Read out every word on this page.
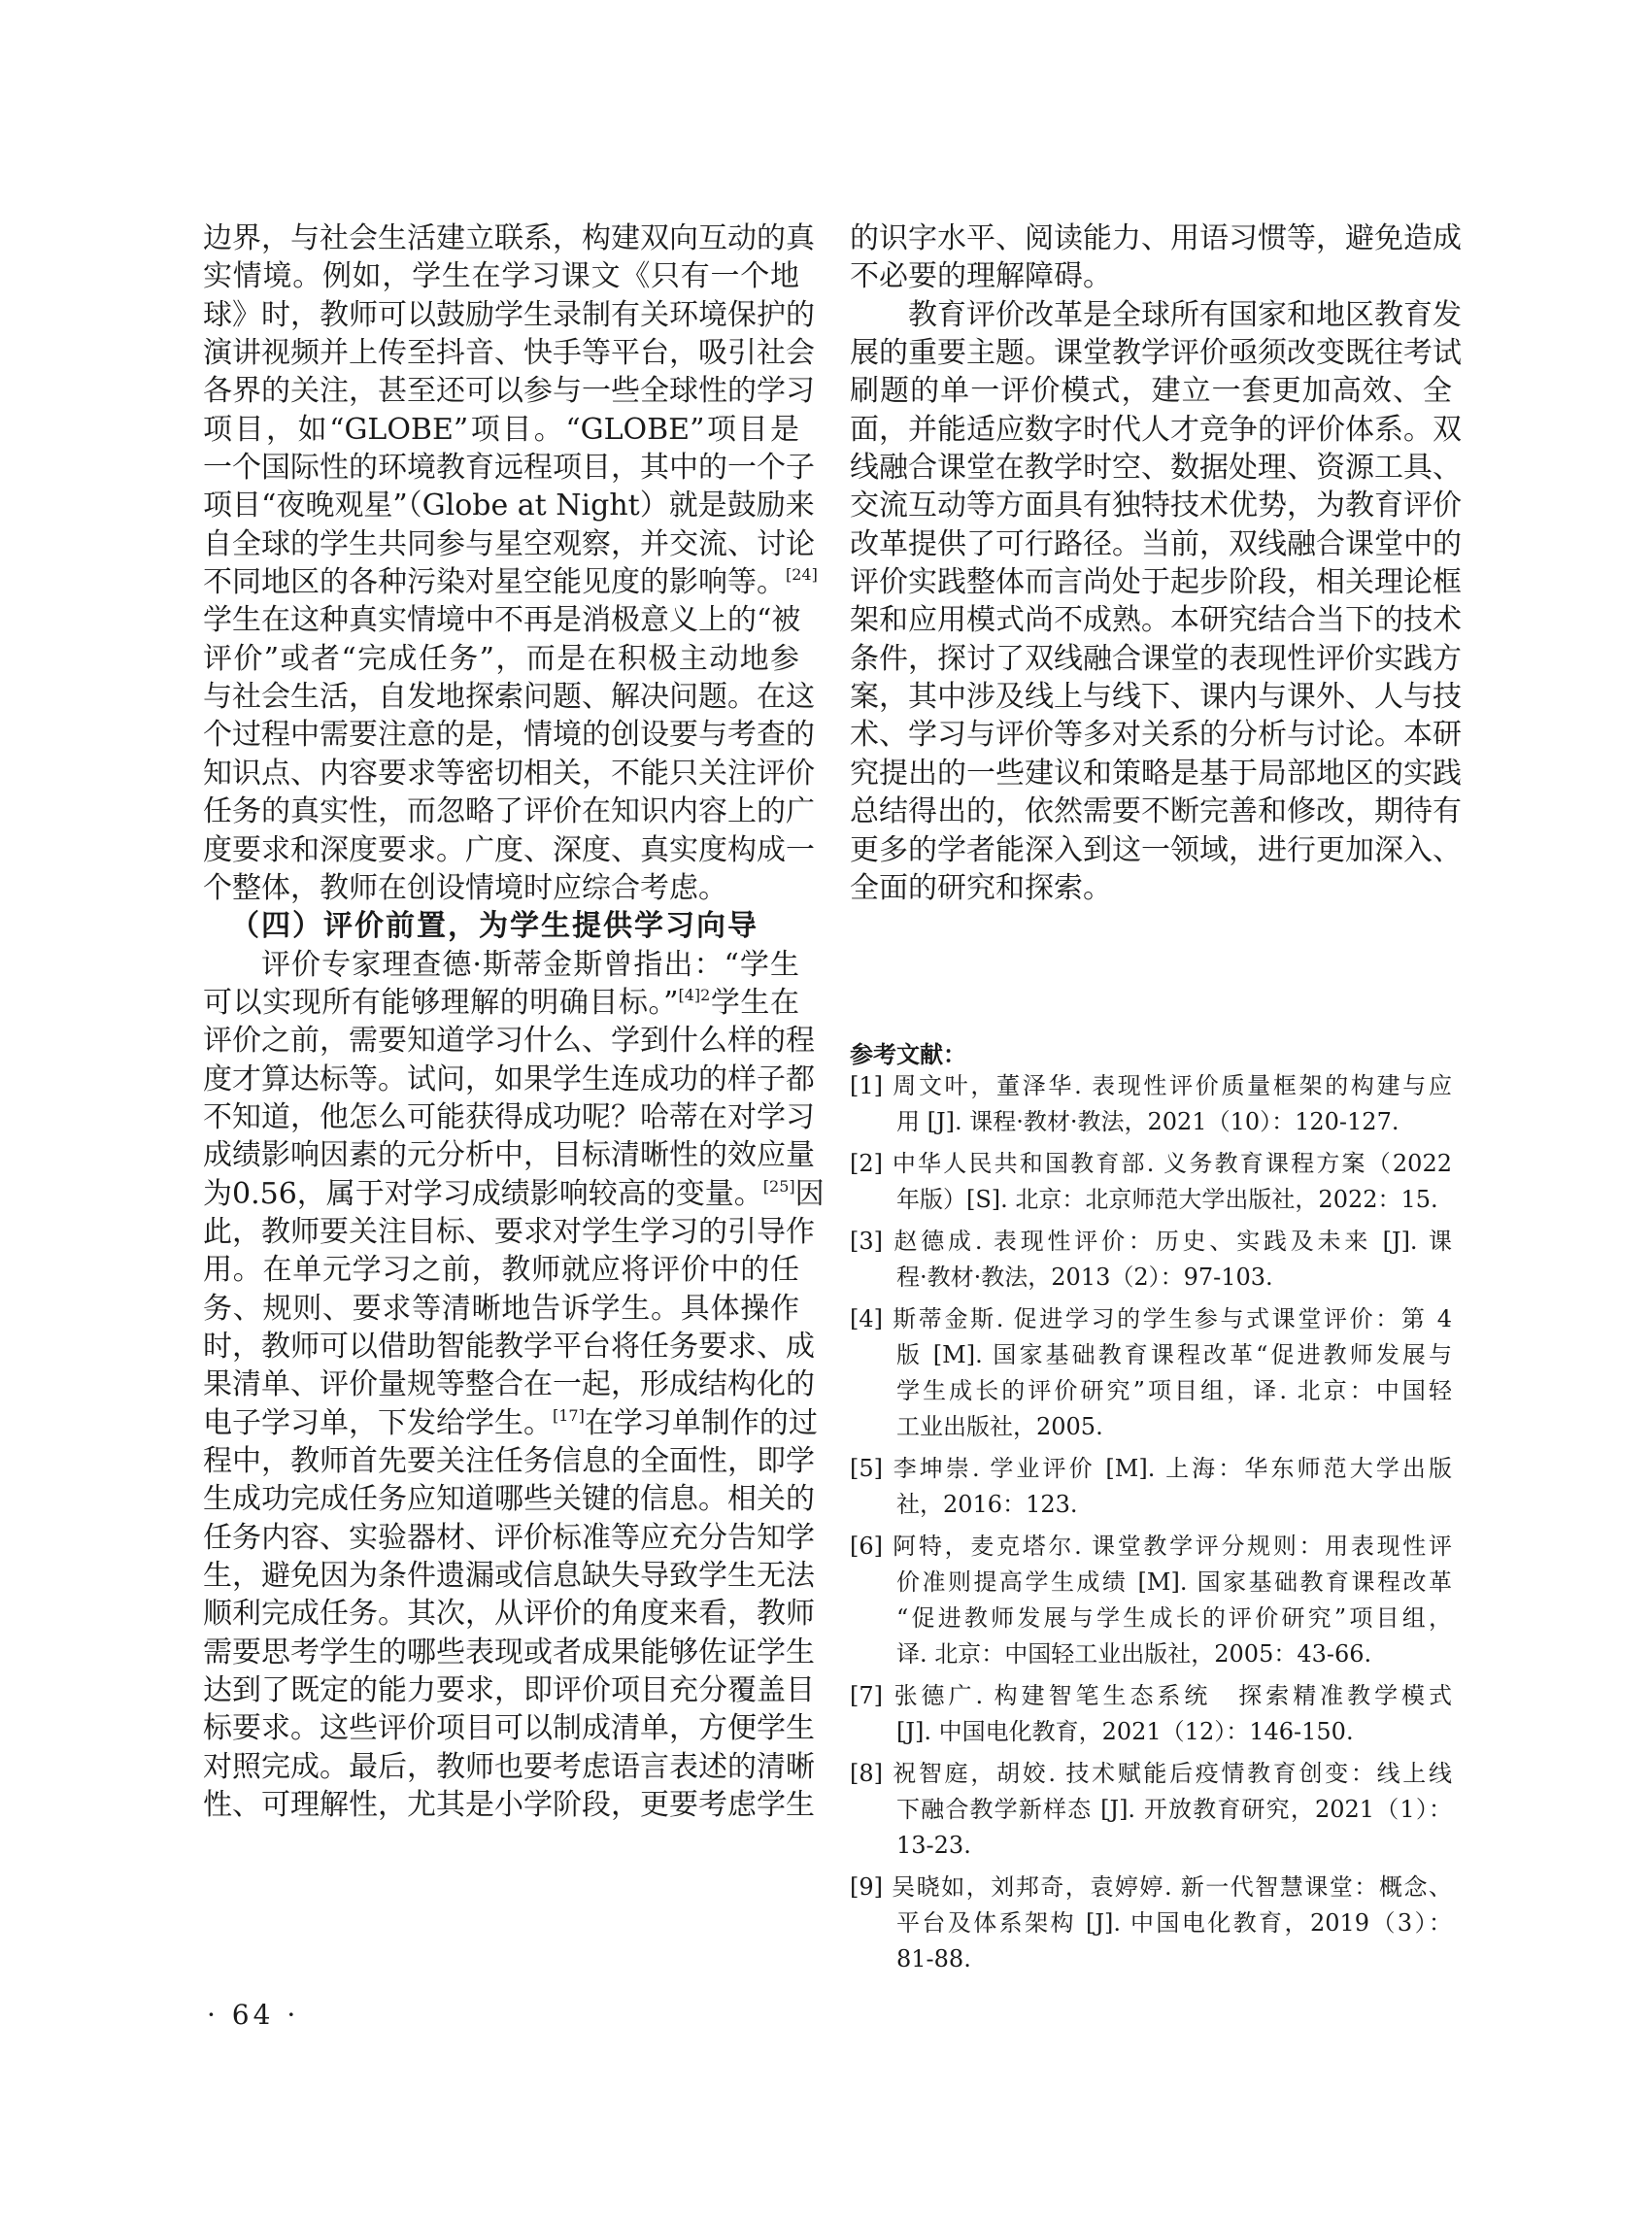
边界，与社会生活建立联系，构建双向互动的真
实情境。例如，学生在学习课文《只有一个地
球》时，教师可以鼓励学生录制有关环境保护的
演讲视频并上传至抖音、快手等平台，吸引社会
各界的关注，甚至还可以参与一些全球性的学习
项目，如“GLOBE”项目。“GLOBE”项目是
一个国际性的环境教育远程项目，其中的一个子
项目“夜晚观星”（Globe at Night）就是鼓励来
自全球的学生共同参与星空观察，并交流、讨论
不同地区的各种污染对星空能见度的影响等。[24]
学生在这种真实情境中不再是消极意义上的“被
评价”或者“完成任务”，而是在积极主动地参
与社会生活，自发地探索问题、解决问题。在这
个过程中需要注意的是，情境的创设要与考查的
知识点、内容要求等密切相关，不能只关注评价
任务的真实性，而忽略了评价在知识内容上的广
度要求和深度要求。广度、深度、真实度构成一
个整体，教师在创设情境时应综合考虑。
（四）评价前置，为学生提供学习向导
评价专家理查德·斯蒂金斯曾指出：“学生
可以实现所有能够理解的明确目标。”$^{[4]2}$学生在
评价之前，需要知道学习什么、学到什么样的程
度才算达标等。试问，如果学生连成功的样子都
不知道，他怎么可能获得成功呢？哈蒂在对学习
成绩影响因素的元分析中，目标清晰性的效应量
为0.56，属于对学习成绩影响较高的变量。[25]因
此，教师要关注目标、要求对学生学习的引导作
用。在单元学习之前，教师就应将评价中的任
务、规则、要求等清晰地告诉学生。具体操作
时，教师可以借助智能教学平台将任务要求、成
果清单、评价量规等整合在一起，形成结构化的
电子学习单，下发给学生。[17]在学习单制作的过
程中，教师首先要关注任务信息的全面性，即学
生成功完成任务应知道哪些关键的信息。相关的
任务内容、实验器材、评价标准等应充分告知学
生，避免因为条件遗漏或信息缺失导致学生无法
顺利完成任务。其次，从评价的角度来看，教师
需要思考学生的哪些表现或者成果能够佐证学生
达到了既定的能力要求，即评价项目充分覆盖目
标要求。这些评价项目可以制成清单，方便学生
对照完成。最后，教师也要考虑语言表述的清晰
性、可理解性，尤其是小学阶段，更要考虑学生
的识字水平、阅读能力、用语习惯等，避免造成
不必要的理解障碍。
教育评价改革是全球所有国家和地区教育发
展的重要主题。课堂教学评价亟须改变既往考试
刷题的单一评价模式，建立一套更加高效、全
面，并能适应数字时代人才竞争的评价体系。双
线融合课堂在教学时空、数据处理、资源工具、
交流互动等方面具有独特技术优势，为教育评价
改革提供了可行路径。当前，双线融合课堂中的
评价实践整体而言尚处于起步阶段，相关理论框
架和应用模式尚不成熟。本研究结合当下的技术
条件，探讨了双线融合课堂的表现性评价实践方
案，其中涉及线上与线下、课内与课外、人与技
术、学习与评价等多对关系的分析与讨论。本研
究提出的一些建议和策略是基于局部地区的实践
总结得出的，依然需要不断完善和修改，期待有
更多的学者能深入到这一领域，进行更加深入、
全面的研究和探索。
参考文献：
[1] 周文叶，董泽华. 表现性评价质量框架的构建与应
用 [J]. 课程·教材·教法，2021（10）：120-127.
[2] 中华人民共和国教育部. 义务教育课程方案（2022
年版）[S]. 北京：北京师范大学出版社，2022：15.
[3] 赵德成. 表现性评价：历史、实践及未来 [J]. 课
程·教材·教法，2013（2）：97-103.
[4] 斯蒂金斯. 促进学习的学生参与式课堂评价：第 4
版 [M]. 国家基础教育课程改革“促进教师发展与
学生成长的评价研究”项目组，译. 北京：中国轻
工业出版社，2005.
[5] 李坤崇. 学业评价 [M]. 上海：华东师范大学出版
社，2016：123.
[6] 阿特，麦克塔尔. 课堂教学评分规则：用表现性评
价准则提高学生成绩 [M]. 国家基础教育课程改革
“促进教师发展与学生成长的评价研究”项目组，
译. 北京：中国轻工业出版社，2005：43-66.
[7] 张德广. 构建智笔生态系统　探索精准教学模式
[J]. 中国电化教育，2021（12）：146-150.
[8] 祝智庭，胡姣. 技术赋能后疫情教育创变：线上线
下融合教学新样态 [J]. 开放教育研究，2021（1）：
13-23.
[9] 吴晓如，刘邦奇，袁婷婷. 新一代智慧课堂：概念、
平台及体系架构 [J]. 中国电化教育，2019（3）：
81-88.
· 64 ·
